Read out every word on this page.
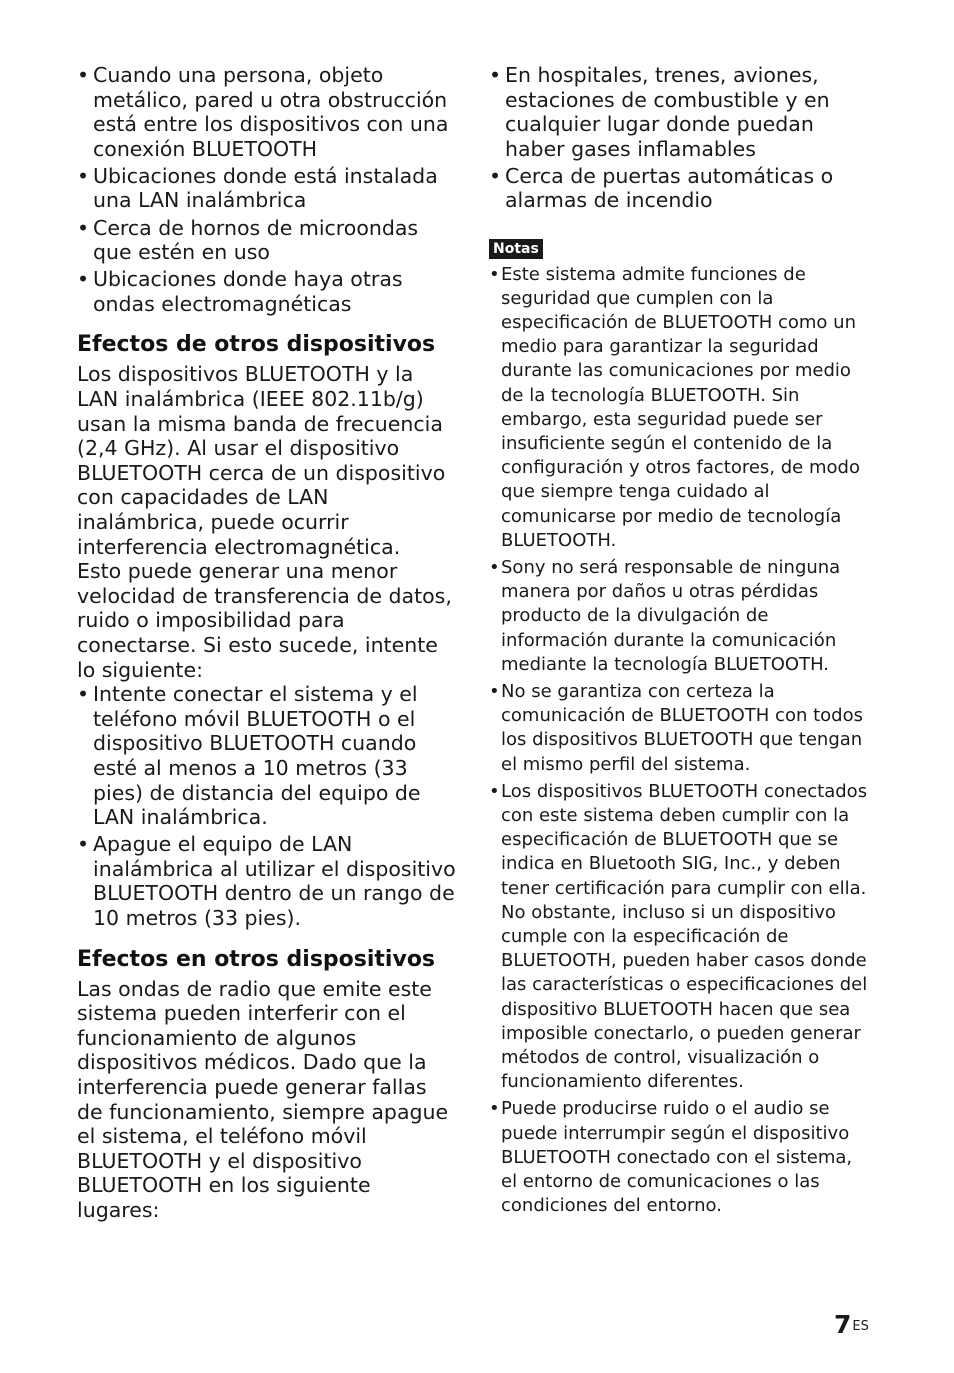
• Cuando una persona, objeto metálico, pared u otra obstrucción está entre los dispositivos con una conexión BLUETOOTH
• Ubicaciones donde está instalada una LAN inalámbrica
• Cerca de hornos de microondas que estén en uso
• Ubicaciones donde haya otras ondas electromagnéticas
Efectos de otros dispositivos

Los dispositivos BLUETOOTH y la LAN inalámbrica (IEEE 802.11b/g) usan la misma banda de frecuencia (2,4 GHz). Al usar el dispositivo BLUETOOTH cerca de un dispositivo con capacidades de LAN inalámbrica, puede ocurrir interferencia electromagnética.

Esto puede generar una menor velocidad de transferencia de datos, ruido o imposibilidad para conectarse. Si esto sucede, intente lo siguiente:

• Intente conectar el sistema y el teléfono móvil BLUETOOTH o el dispositivo BLUETOOTH cuando esté al menos a 10 metros (33 pies) de distancia del equipo de LAN inalámbrica.
• Apague el equipo de LAN inalámbrica al utilizar el dispositivo BLUETOOTH dentro de un rango de 10 metros (33 pies).
Efectos en otros dispositivos

Las ondas de radio que emite este sistema pueden interferir con el funcionamiento de algunos dispositivos médicos. Dado que la interferencia puede generar fallas de funcionamiento, siempre apague el sistema, el teléfono móvil BLUETOOTH y el dispositivo BLUETOOTH en los siguiente lugares:

• En hospitales, trenes, aviones, estaciones de combustible y en cualquier lugar donde puedan haber gases inflamables
• Cerca de puertas automáticas o alarmas de incendio
Notas
• Este sistema admite funciones de seguridad que cumplen con la especificación de BLUETOOTH como un medio para garantizar la seguridad durante las comunicaciones por medio de la tecnología BLUETOOTH. Sin embargo, esta seguridad puede ser insuficiente según el contenido de la configuración y otros factores, de modo que siempre tenga cuidado al comunicarse por medio de tecnología BLUETOOTH.
• Sony no será responsable de ninguna manera por daños u otras pérdidas producto de la divulgación de información durante la comunicación mediante la tecnología BLUETOOTH.
• No se garantiza con certeza la comunicación de BLUETOOTH con todos los dispositivos BLUETOOTH que tengan el mismo perfil del sistema.
• Los dispositivos BLUETOOTH conectados con este sistema deben cumplir con la especificación de BLUETOOTH que se indica en Bluetooth SIG, Inc., y deben tener certificación para cumplir con ella. No obstante, incluso si un dispositivo cumple con la especificación de BLUETOOTH, pueden haber casos donde las características o especificaciones del dispositivo BLUETOOTH hacen que sea imposible conectarlo, o pueden generar métodos de control, visualización o funcionamiento diferentes.
• Puede producirse ruido o el audio se puede interrumpir según el dispositivo BLUETOOTH conectado con el sistema, el entorno de comunicaciones o las condiciones del entorno.
$7^{ES}$
